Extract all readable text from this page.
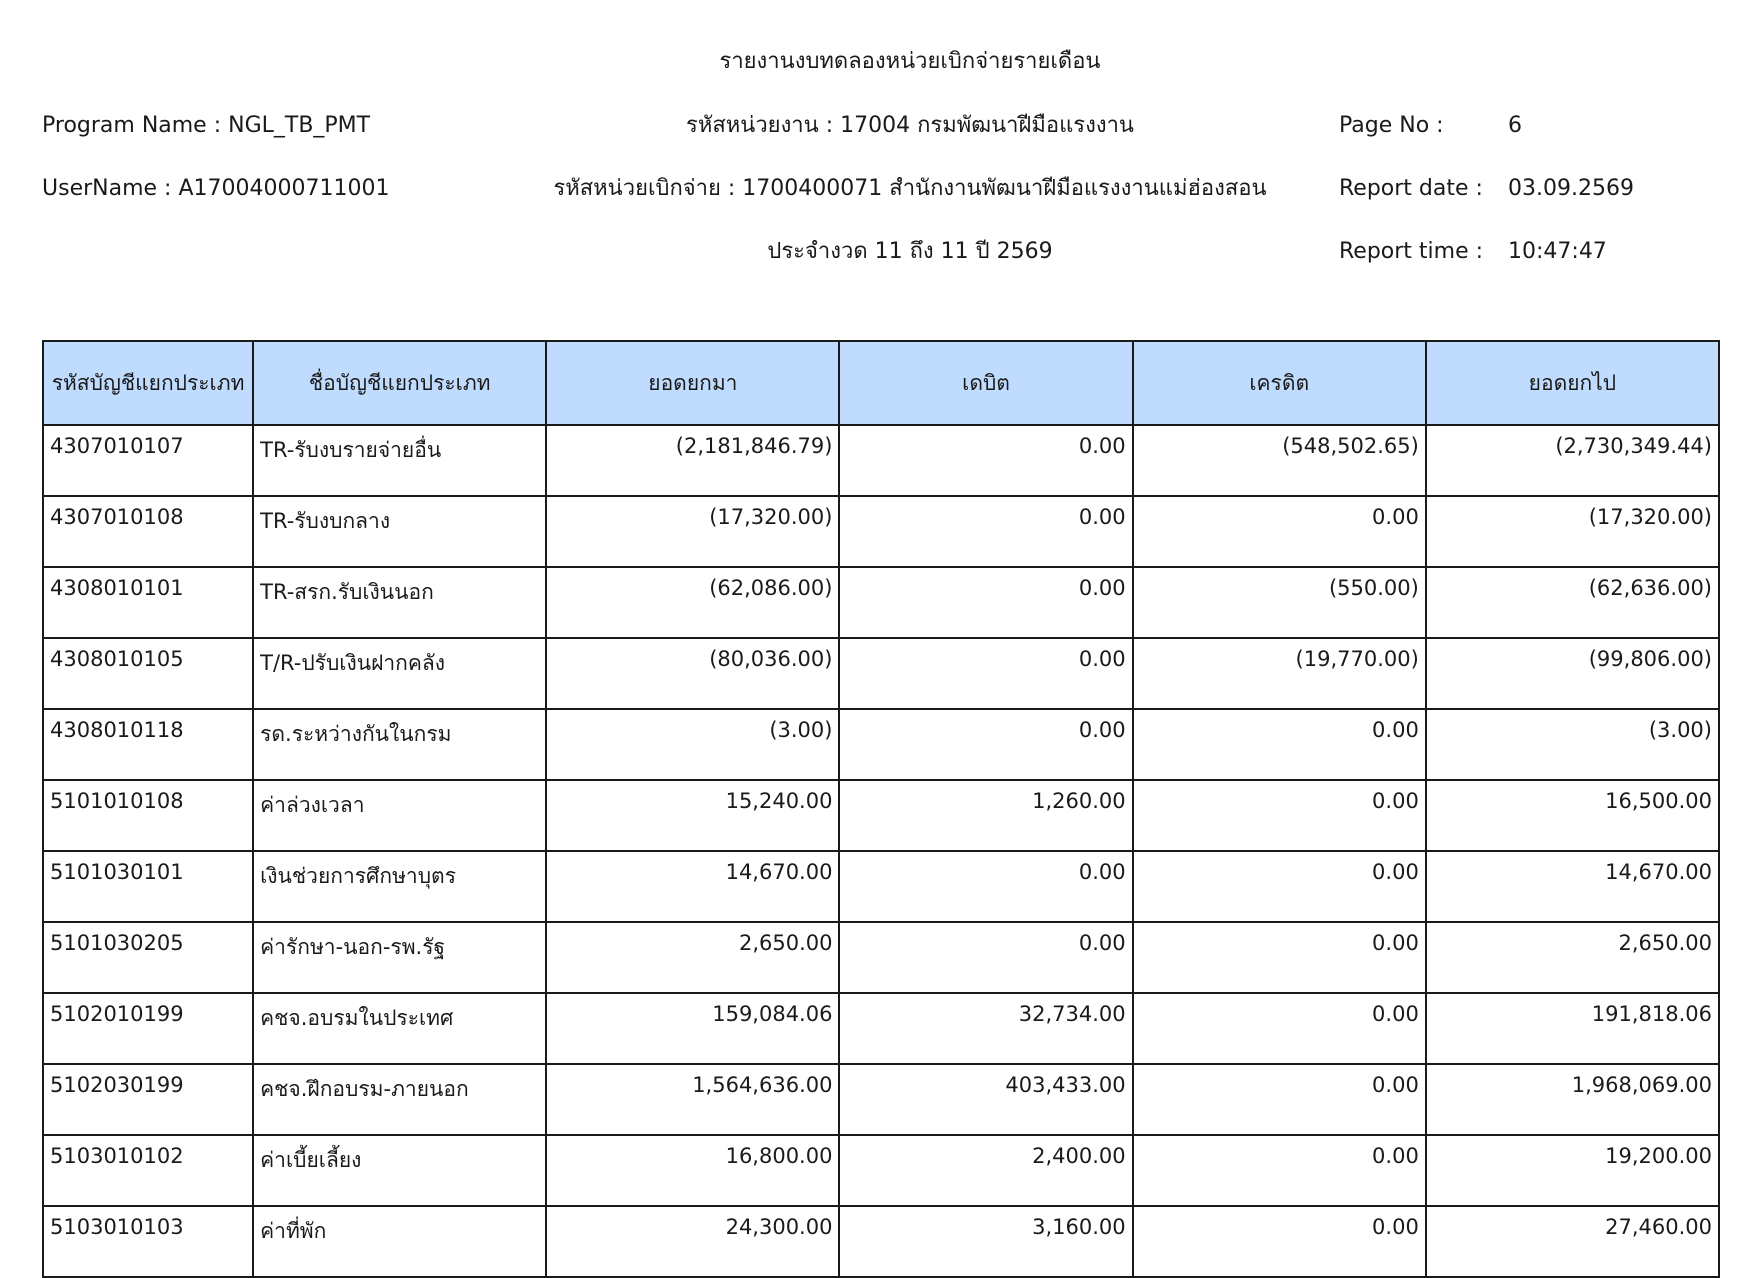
รายงานงบทดลองหน่วยเบิกจ่ายรายเดือน
Program Name : NGL_TB_PMT
UserName : A17004000711001
รหัสหน่วยงาน : 17004 กรมพัฒนาฝีมือแรงงาน
รหัสหน่วยเบิกจ่าย : 1700400071 สำนักงานพัฒนาฝีมือแรงงานแม่ฮ่องสอน
ประจำงวด 11 ถึง 11 ปี 2569
Page No :	6
Report date : 03.09.2569
Report time : 10:47:47
รหัสบัญชีแยกประเภท	ชื่อบัญชีแยกประเภท	ยอดยกมา	เดบิต	เครดิต	ยอดยกไป
4307010107	TR-รับงบรายจ่ายอื่น	(2,181,846.79)	0.00	(548,502.65)	(2,730,349.44)
4307010108	TR-รับงบกลาง	(17,320.00)	0.00	0.00	(17,320.00)
4308010101	TR-สรก.รับเงินนอก	(62,086.00)	0.00	(550.00)	(62,636.00)
4308010105	T/R-ปรับเงินฝากคลัง	(80,036.00)	0.00	(19,770.00)	(99,806.00)
4308010118	รด.ระหว่างกันในกรม	(3.00)	0.00	0.00	(3.00)
5101010108	ค่าล่วงเวลา	15,240.00	1,260.00	0.00	16,500.00
5101030101	เงินช่วยการศึกษาบุตร	14,670.00	0.00	0.00	14,670.00
5101030205	ค่ารักษา-นอก-รพ.รัฐ	2,650.00	0.00	0.00	2,650.00
5102010199	คชจ.อบรมในประเทศ	159,084.06	32,734.00	0.00	191,818.06
5102030199	คชจ.ฝึกอบรม-ภายนอก	1,564,636.00	403,433.00	0.00	1,968,069.00
5103010102	ค่าเบี้ยเลี้ยง	16,800.00	2,400.00	0.00	19,200.00
5103010103	ค่าที่พัก	24,300.00	3,160.00	0.00	27,460.00
